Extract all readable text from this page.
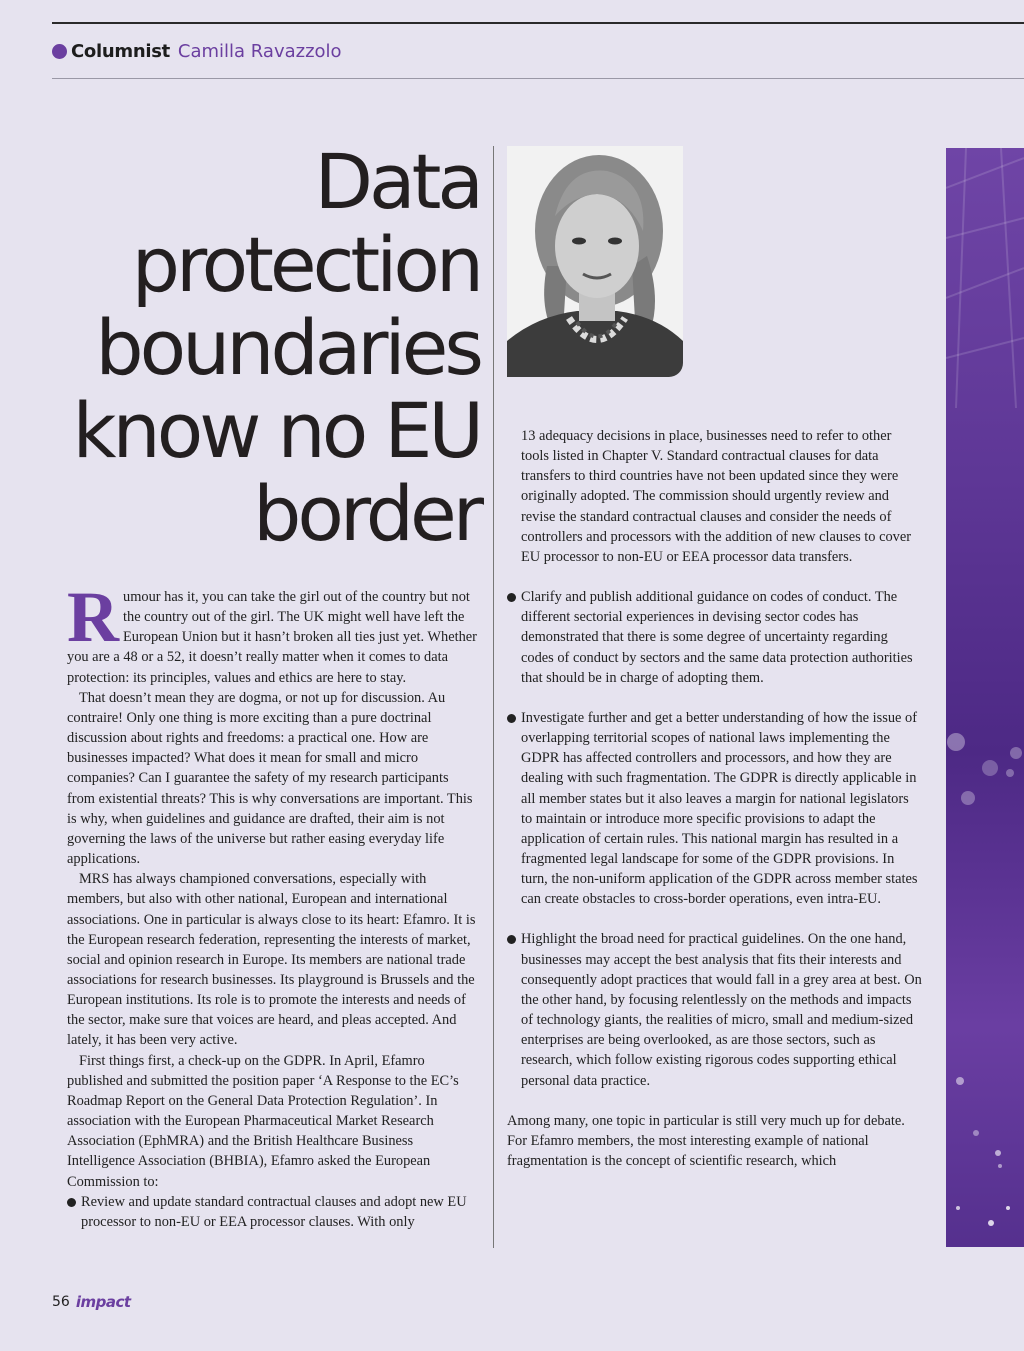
Columnist Camilla Ravazzolo
Data
protection
boundaries
know no EU
border
R umour has it, you can take the girl out of the country but not the country out of the girl. The UK might well have left the European Union but it hasn’t broken all ties just yet. Whether you are a 48 or a 52, it doesn’t really matter when it comes to data protection: its principles, values and ethics are here to stay.

That doesn’t mean they are dogma, or not up for discussion. Au contraire! Only one thing is more exciting than a pure doctrinal discussion about rights and freedoms: a practical one. How are businesses impacted? What does it mean for small and micro companies? Can I guarantee the safety of my research participants from existential threats? This is why conversations are important. This is why, when guidelines and guidance are drafted, their aim is not governing the laws of the universe but rather easing everyday life applications.

MRS has always championed conversations, especially with members, but also with other national, European and international associations. One in particular is always close to its heart: Efamro. It is the European research federation, representing the interests of market, social and opinion research in Europe. Its members are national trade associations for research businesses. Its playground is Brussels and the European institutions. Its role is to promote the interests and needs of the sector, make sure that voices are heard, and pleas accepted. And lately, it has been very active.

First things first, a check-up on the GDPR. In April, Efamro published and submitted the position paper ‘A Response to the EC’s Roadmap Report on the General Data Protection Regulation’. In association with the European Pharmaceutical Market Research Association (EphMRA) and the British Healthcare Business Intelligence Association (BHBIA), Efamro asked the European Commission to:

Review and update standard contractual clauses and adopt new EU processor to non-EU or EEA processor clauses. With only

13 adequacy decisions in place, businesses need to refer to other tools listed in Chapter V. Standard contractual clauses for data transfers to third countries have not been updated since they were originally adopted. The commission should urgently review and revise the standard contractual clauses and consider the needs of controllers and processors with the addition of new clauses to cover EU processor to non-EU or EEA processor data transfers.

Clarify and publish additional guidance on codes of conduct. The different sectorial experiences in devising sector codes has demonstrated that there is some degree of uncertainty regarding codes of conduct by sectors and the same data protection authorities that should be in charge of adopting them.
Investigate further and get a better understanding of how the issue of overlapping territorial scopes of national laws implementing the GDPR has affected controllers and processors, and how they are dealing with such fragmentation. The GDPR is directly applicable in all member states but it also leaves a margin for national legislators to maintain or introduce more specific provisions to adapt the application of certain rules. This national margin has resulted in a fragmented legal landscape for some of the GDPR provisions. In turn, the non-uniform application of the GDPR across member states can create obstacles to cross-border operations, even intra-EU.
Highlight the broad need for practical guidelines. On the one hand, businesses may accept the best analysis that fits their interests and consequently adopt practices that would fall in a grey area at best. On the other hand, by focusing relentlessly on the methods and impacts of technology giants, the realities of micro, small and medium-sized enterprises are being overlooked, as are those sectors, such as research, which follow existing rigorous codes supporting ethical personal data practice.

Among many, one topic in particular is still very much up for debate. For Efamro members, the most interesting example of national fragmentation is the concept of scientific research, which

56 impact
